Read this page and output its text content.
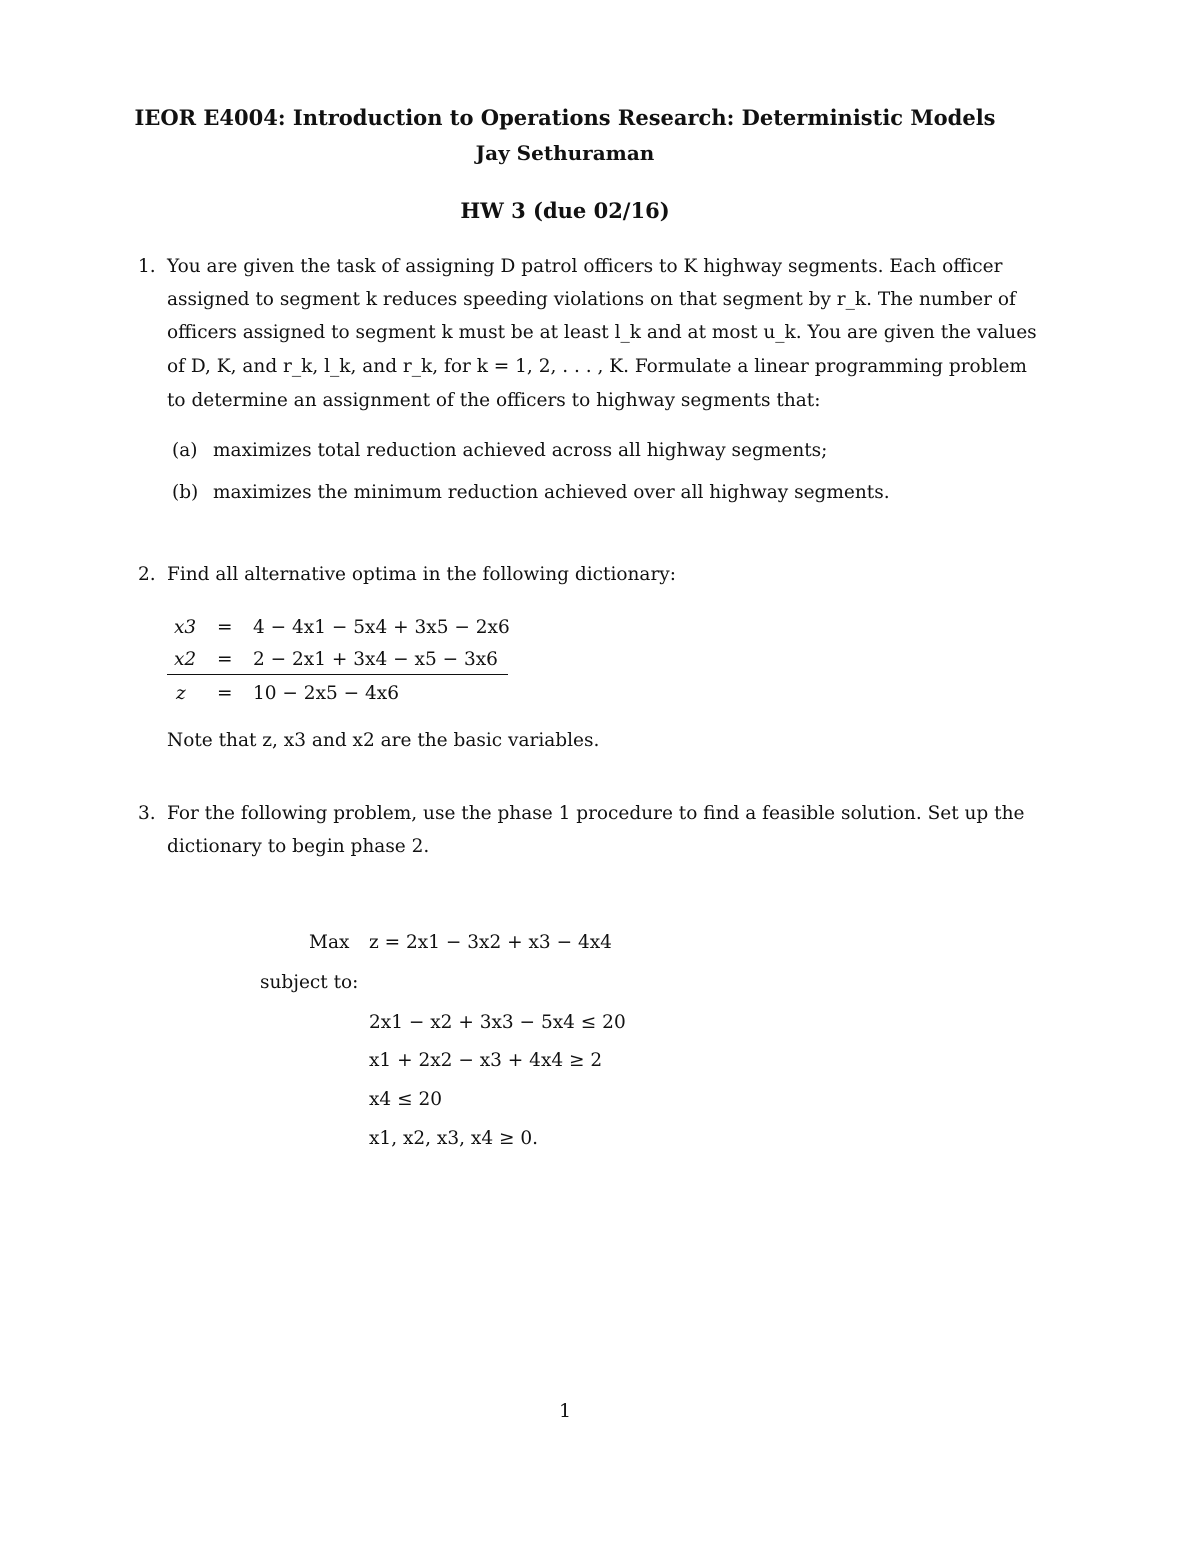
IEOR E4004: Introduction to Operations Research: Deterministic Models
Jay Sethuraman
HW 3 (due 02/16)
1. You are given the task of assigning D patrol officers to K highway segments. Each officer
assigned to segment k reduces speeding violations on that segment by r_k. The number of
officers assigned to segment k must be at least l_k and at most u_k. You are given the values
of D, K, and r_k, l_k, and r_k, for k = 1, 2, . . . , K. Formulate a linear programming problem
to determine an assignment of the officers to highway segments that:
(a) maximizes total reduction achieved across all highway segments;
(b) maximizes the minimum reduction achieved over all highway segments.
2. Find all alternative optima in the following dictionary:
x3 = 4 − 4x1 − 5x4 + 3x5 − 2x6
x2 = 2 − 2x1 + 3x4 − x5 − 3x6
z = 10 − 2x5 − 4x6
Note that z, x3 and x2 are the basic variables.
3. For the following problem, use the phase 1 procedure to find a feasible solution. Set up the
dictionary to begin phase 2.
Max z = 2x1 − 3x2 + x3 − 4x4
subject to:
2x1 − x2 + 3x3 − 5x4 ≤ 20
x1 + 2x2 − x3 + 4x4 ≥ 2
x4 ≤ 20
x1, x2, x3, x4 ≥ 0.
1
